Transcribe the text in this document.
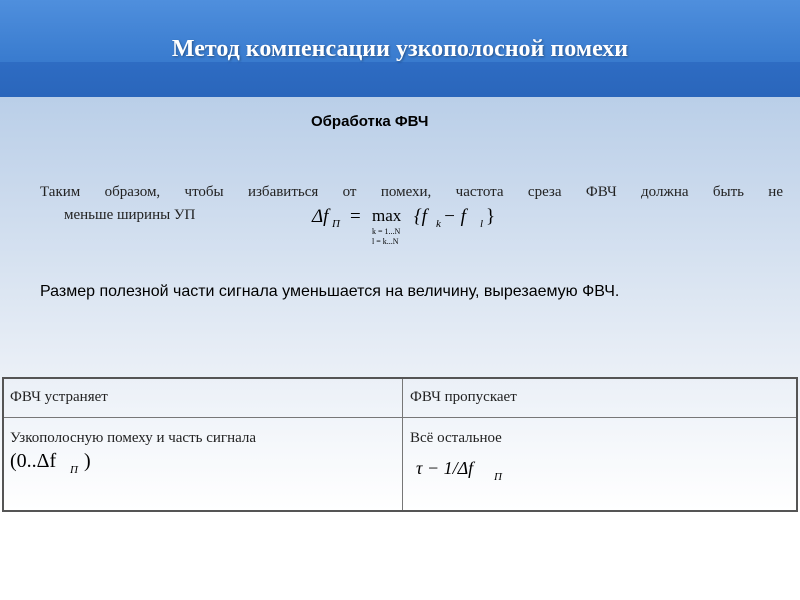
Метод компенсации узкополосной помехи
Обработка ФВЧ
Таким образом, чтобы избавиться от помехи, частота среза ФВЧ должна быть не
меньше ширины УП	Δf П = max
k = 1...N
l = k...N
{f k − f l }
Размер полезной части сигнала уменьшается на величину, вырезаемую ФВЧ.
ФВЧ устраняет	ФВЧ пропускает
Узкополосную помеху и часть сигнала
(0..Δf П )
Всё остальное
τ − 1/Δf П
